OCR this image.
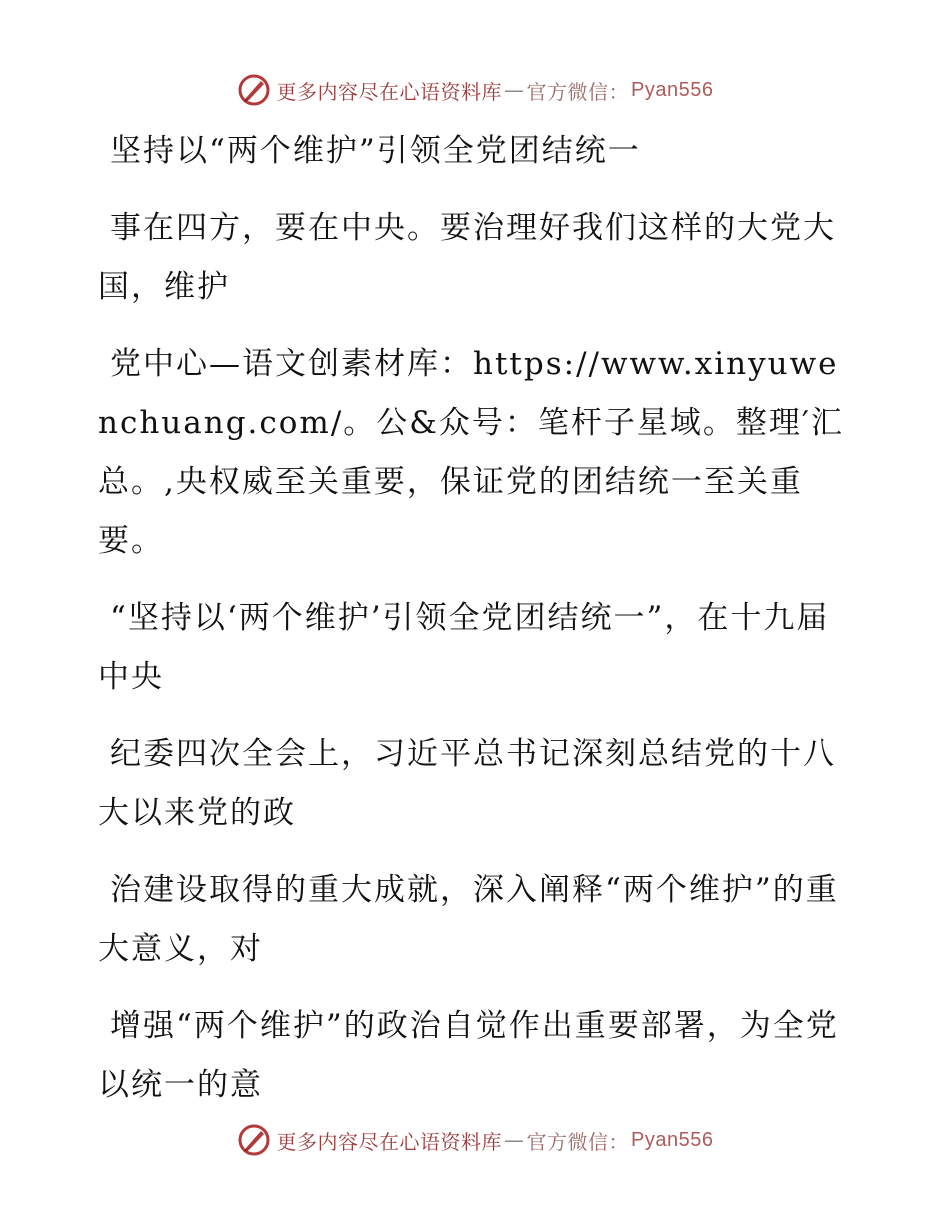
更多内容尽在心语资料库 — 官方微信： Pyan556

坚持以“两个维护”引领全党团结统一

事在四方，要在中央。要治理好我们这样的大党大国，维护

党中心—语文创素材库：https://www.xinyuwenchuang.com/。公&众号：笔杆子星域。整理′汇总。,央权威至关重要，保证党的团结统一至关重要。

“坚持以‘两个维护’引领全党团结统一”，在十九届中央

纪委四次全会上，习近平总书记深刻总结党的十八大以来党的政

治建设取得的重大成就，深入阐释“两个维护”的重大意义，对

增强“两个维护”的政治自觉作出重要部署，为全党以统一的意

更多内容尽在心语资料库 — 官方微信： Pyan556
